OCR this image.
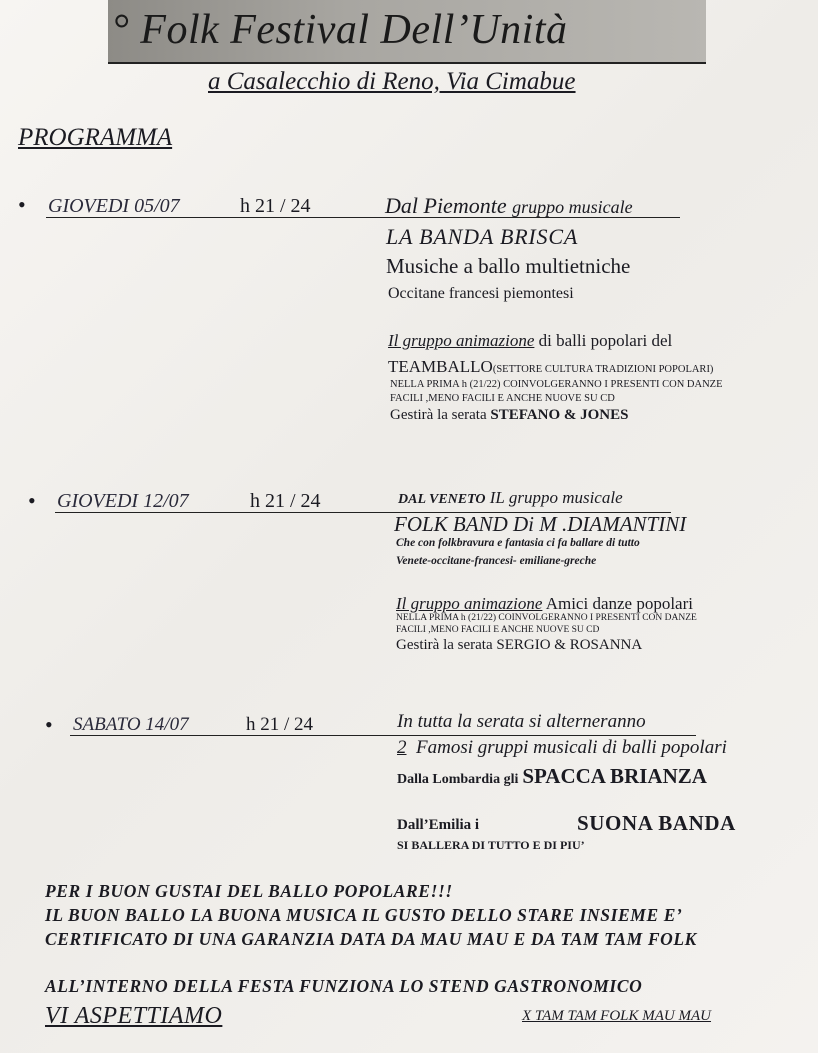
° Folk Festival Dell’Unità
a Casalecchio di Reno, Via Cimabue
PROGRAMMA
• GIOVEDI 05/07	h 21 / 24	Dal Piemonte gruppo musicale
LA BANDA BRISCA
Musiche a ballo multietniche
Occitane francesi piemontesi
Il gruppo animazione di balli popolari del
TEAMBALLO(SETTORE CULTURA TRADIZIONI POPOLARI)
NELLA PRIMA h (21/22) COINVOLGERANNO I PRESENTI CON DANZE
FACILI ,MENO FACILI E ANCHE NUOVE SU CD
Gestirà la serata STEFANO & JONES
• GIOVEDI 12/07	h 21 / 24	DAL VENETO IL gruppo musicale
FOLK BAND Di M .DIAMANTINI
Che con folkbravura e fantasia ci fa ballare di tutto
Venete-occitane-francesi- emiliane-greche
Il gruppo animazione Amici danze popolari
NELLA PRIMA h (21/22) COINVOLGERANNO I PRESENTI CON DANZE
FACILI ,MENO FACILI E ANCHE NUOVE SU CD
Gestirà la serata SERGIO & ROSANNA
• SABATO 14/07	h 21 / 24	In tutta la serata si alterneranno
2 Famosi gruppi musicali di balli popolari
Dalla Lombardia gli SPACCA BRIANZA
Dall’Emilia i	SUONA BANDA
SI BALLERA DI TUTTO E DI PIU’
PER I BUON GUSTAI DEL BALLO POPOLARE!!!
IL BUON BALLO LA BUONA MUSICA IL GUSTO DELLO STARE INSIEME E’
CERTIFICATO DI UNA GARANZIA DATA DA MAU MAU E DA TAM TAM FOLK
ALL’INTERNO DELLA FESTA FUNZIONA LO STEND GASTRONOMICO
VI ASPETTIAMO	X TAM TAM FOLK MAU MAU
